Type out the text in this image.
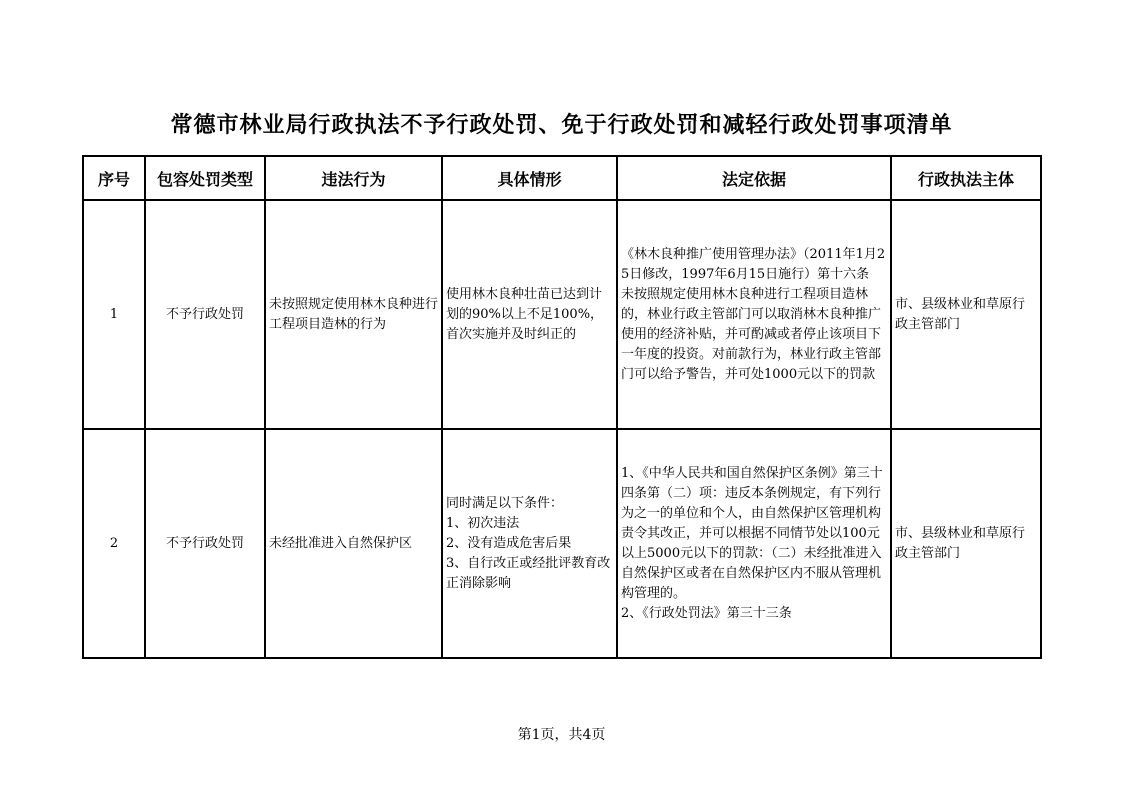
常德市林业局行政执法不予行政处罚、免于行政处罚和减轻行政处罚事项清单
序号	包容处罚类型	违法行为	具体情形	法定依据	行政执法主体
1	不予行政处罚	未按照规定使用林木良种进行工程项目造林的行为	使用林木良种壮苗已达到计划的90%以上不足100%，首次实施并及时纠正的	《林木良种推广使用管理办法》（2011年1月25日修改，1997年6月15日施行）第十六条　未按照规定使用林木良种进行工程项目造林的，林业行政主管部门可以取消林木良种推广使用的经济补贴，并可酌减或者停止该项目下一年度的投资。对前款行为，林业行政主管部门可以给予警告，并可处1000元以下的罚款	市、县级林业和草原行政主管部门
2	不予行政处罚	未经批准进入自然保护区	同时满足以下条件：
1、初次违法
2、没有造成危害后果
3、自行改正或经批评教育改正消除影响	1、《中华人民共和国自然保护区条例》第三十四条第（二）项：违反本条例规定，有下列行为之一的单位和个人，由自然保护区管理机构责令其改正，并可以根据不同情节处以100元以上5000元以下的罚款：（二）未经批准进入自然保护区或者在自然保护区内不服从管理机构管理的。
2、《行政处罚法》第三十三条	市、县级林业和草原行政主管部门
第1页，共4页
